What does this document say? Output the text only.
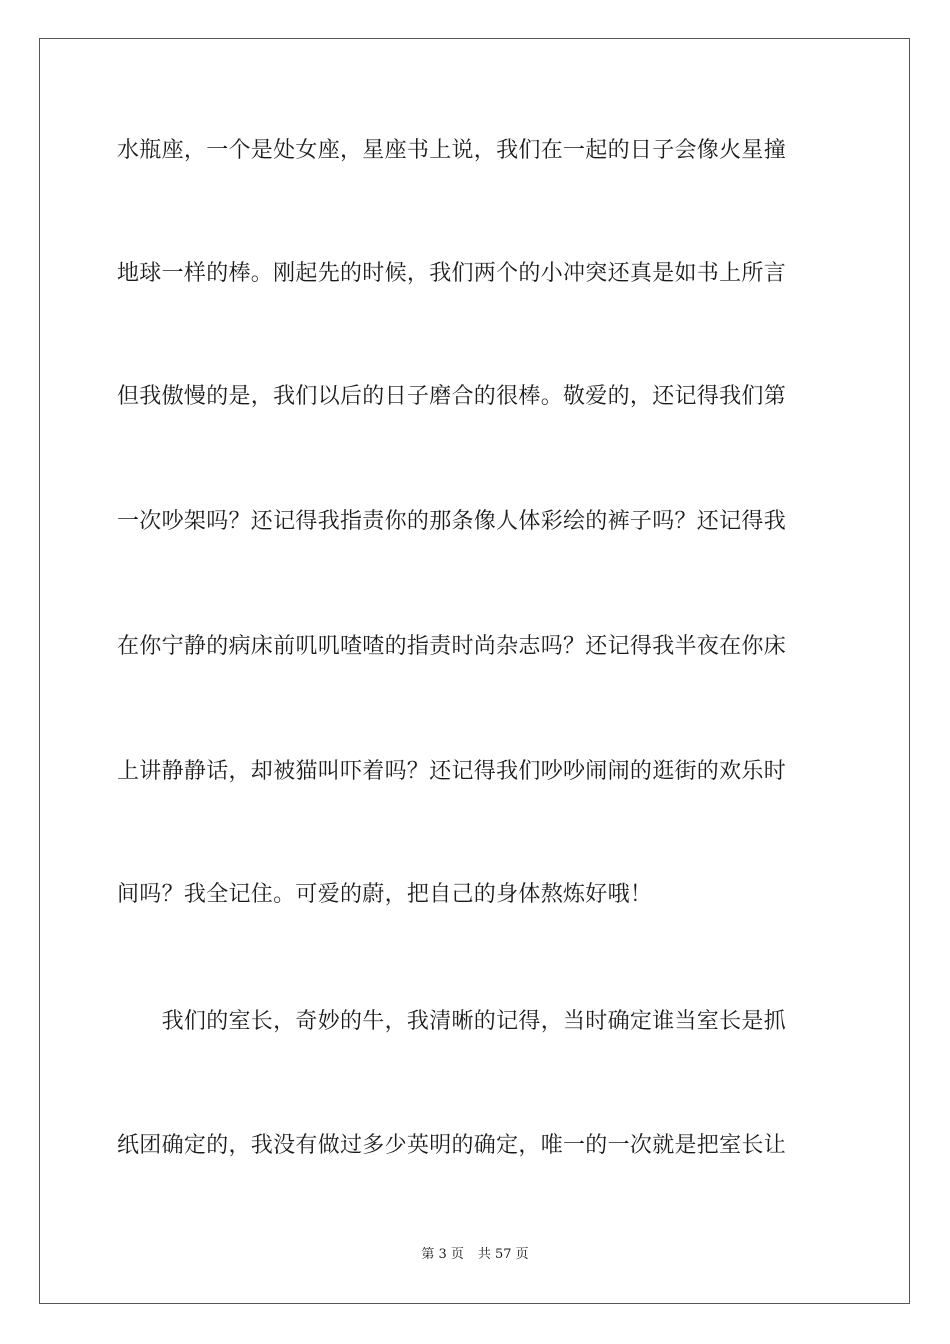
水瓶座，一个是处女座，星座书上说，我们在一起的日子会像火星撞
地球一样的棒。刚起先的时候，我们两个的小冲突还真是如书上所言
但我傲慢的是，我们以后的日子磨合的很棒。敬爱的，还记得我们第
一次吵架吗？还记得我指责你的那条像人体彩绘的裤子吗？还记得我
在你宁静的病床前叽叽喳喳的指责时尚杂志吗？还记得我半夜在你床
上讲静静话，却被猫叫吓着吗？还记得我们吵吵闹闹的逛街的欢乐时
间吗？我全记住。可爱的蔚，把自己的身体熬炼好哦！
　　我们的室长，奇妙的牛，我清晰的记得，当时确定谁当室长是抓
纸团确定的，我没有做过多少英明的确定，唯一的一次就是把室长让
第 3 页 共 57 页
